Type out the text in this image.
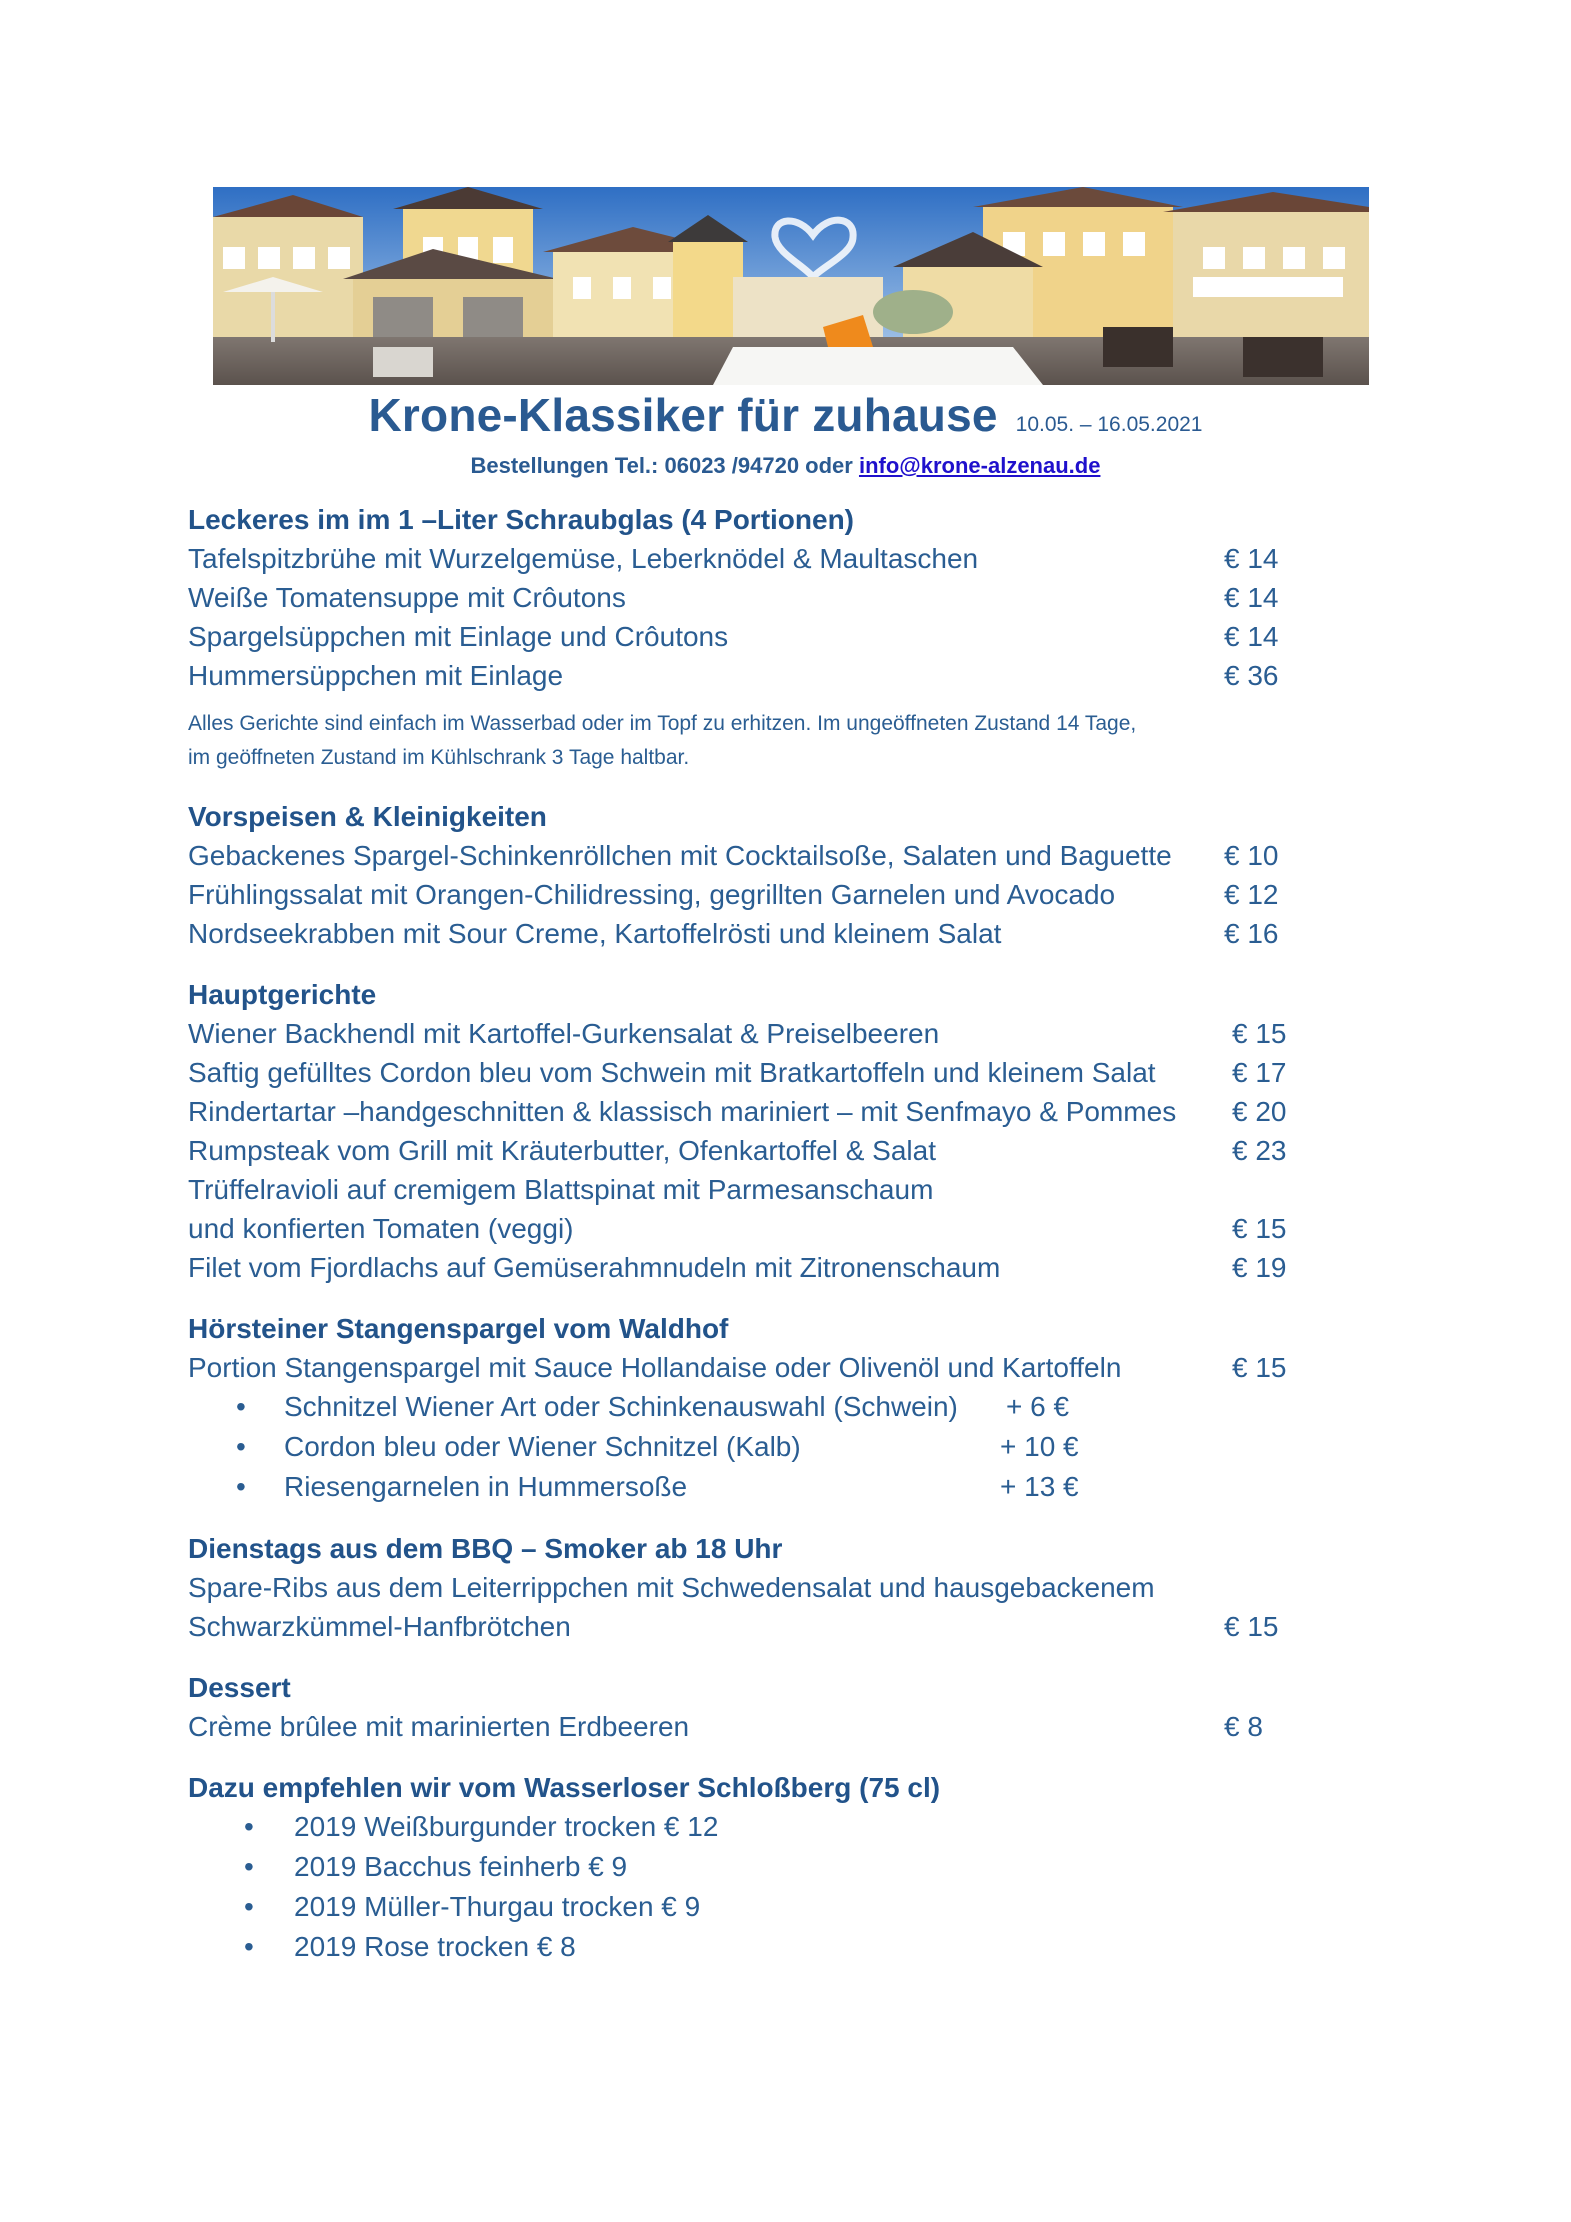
Krone-Klassiker für zuhause 10.05. – 16.05.2021
Bestellungen Tel.: 06023 /94720 oder info@krone-alzenau.de
Leckeres im im 1 –Liter Schraubglas (4 Portionen)
Tafelspitzbrühe mit Wurzelgemüse, Leberknödel & Maultaschen	€ 14
Weiße Tomatensuppe mit Crôutons	€ 14
Spargelsüppchen mit Einlage und Crôutons	€ 14
Hummersüppchen mit Einlage	€ 36
Alles Gerichte sind einfach im Wasserbad oder im Topf zu erhitzen. Im ungeöffneten Zustand 14 Tage,
im geöffneten Zustand im Kühlschrank 3 Tage haltbar.
Vorspeisen & Kleinigkeiten
Gebackenes Spargel-Schinkenröllchen mit Cocktailsoße, Salaten und Baguette € 10
Frühlingssalat mit Orangen-Chilidressing, gegrillten Garnelen und Avocado	€ 12
Nordseekrabben mit Sour Creme, Kartoffelrösti und kleinem Salat	€ 16
Hauptgerichte
Wiener Backhendl mit Kartoffel-Gurkensalat & Preiselbeeren	€ 15
Saftig gefülltes Cordon bleu vom Schwein mit Bratkartoffeln und kleinem Salat	€ 17
Rindertartar –handgeschnitten & klassisch mariniert – mit Senfmayo & Pommes € 20
Rumpsteak vom Grill mit Kräuterbutter, Ofenkartoffel & Salat	€ 23
Trüffelravioli auf cremigem Blattspinat mit Parmesanschaum
und konfierten Tomaten (veggi)	€ 15
Filet vom Fjordlachs auf Gemüserahmnudeln mit Zitronenschaum	€ 19
Hörsteiner Stangenspargel vom Waldhof
Portion Stangenspargel mit Sauce Hollandaise oder Olivenöl und Kartoffeln	€ 15
• Schnitzel Wiener Art oder Schinkenauswahl (Schwein) + 6 €
• Cordon bleu oder Wiener Schnitzel (Kalb)	+ 10 €
• Riesengarnelen in Hummersoße	+ 13 €
Dienstags aus dem BBQ – Smoker ab 18 Uhr
Spare-Ribs aus dem Leiterrippchen mit Schwedensalat und hausgebackenem
Schwarzkümmel-Hanfbrötchen	€ 15
Dessert
Crème brûlee mit marinierten Erdbeeren	€ 8
Dazu empfehlen wir vom Wasserloser Schloßberg (75 cl)
• 2019 Weißburgunder trocken € 12
• 2019 Bacchus feinherb € 9
• 2019 Müller-Thurgau trocken € 9
• 2019 Rose trocken € 8
